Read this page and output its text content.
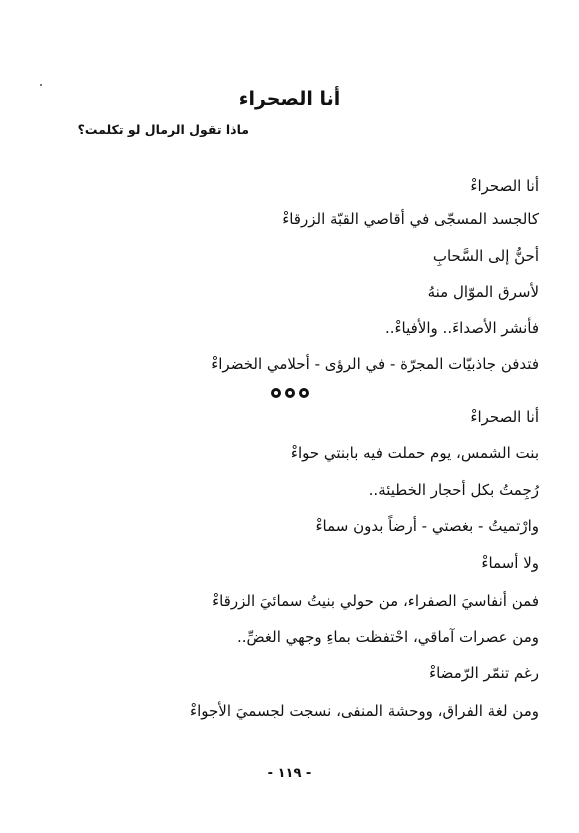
أنا الصحراء
ماذا تقول الرمال لو تكلمت؟
أنا الصحراءْ
كالجسد المسجّى في أقاصي القبّة الزرقاءْ
أحنُّ إلى السَّحابِ
لأسرق الموّال منهُ
فأنشر الأصداءَ.. والأفياءْ..
فتدفن جاذبيّات المجرّة - في الرؤى - أحلامي الخضراءْ
أنا الصحراءْ
بنت الشمس، يوم حملت فيه بابنتي حواءْ
رُجِمتُ بكل أحجار الخطيئة..
وارْتميتُ - بغصتي - أرضاً بدون سماءْ
ولا أسماءْ
فمن أنفاسيَ الصفراء، من حولي بنيتُ سمائيَ الزرقاءْ
ومن عصرات آماقي، احْتفظت بماءِ وجهي الغضِّ..
رغم تنمّر الرّمضاءْ
ومن لغة الفراق، ووحشة المنفى، نسجت لجسميَ الأجواءْ
- ١١٩ -
